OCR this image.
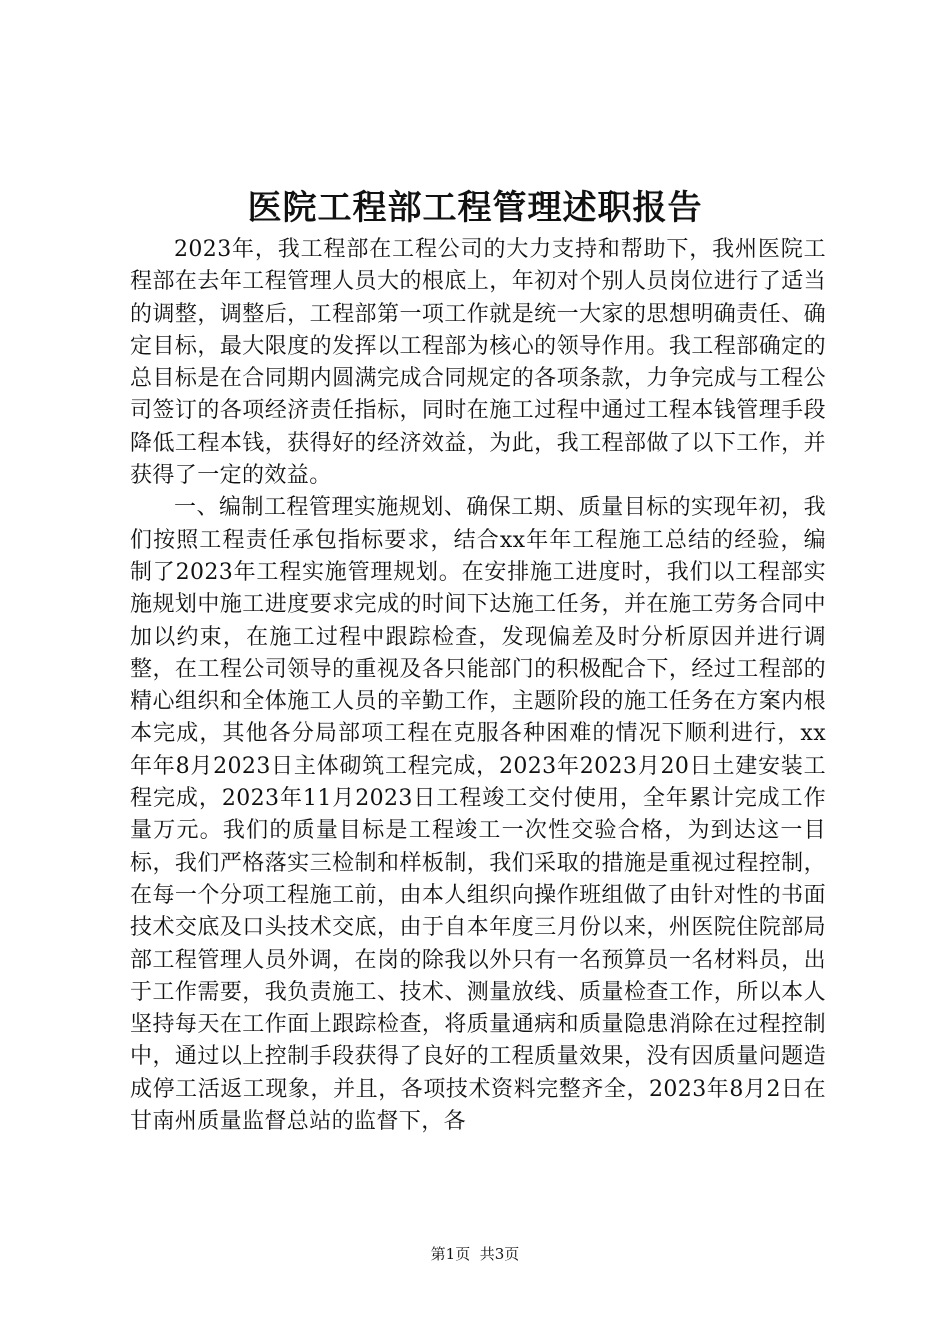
医院工程部工程管理述职报告

2023年，我工程部在工程公司的大力支持和帮助下，我州医院工程部在去年工程管理人员大的根底上，年初对个别人员岗位进行了适当的调整，调整后，工程部第一项工作就是统一大家的思想明确责任、确定目标，最大限度的发挥以工程部为核心的领导作用。我工程部确定的总目标是在合同期内圆满完成合同规定的各项条款，力争完成与工程公司签订的各项经济责任指标，同时在施工过程中通过工程本钱管理手段降低工程本钱，获得好的经济效益，为此，我工程部做了以下工作，并获得了一定的效益。

一、编制工程管理实施规划、确保工期、质量目标的实现年初，我们按照工程责任承包指标要求，结合xx年年工程施工总结的经验，编制了2023年工程实施管理规划。在安排施工进度时，我们以工程部实施规划中施工进度要求完成的时间下达施工任务，并在施工劳务合同中加以约束，在施工过程中跟踪检查，发现偏差及时分析原因并进行调整，在工程公司领导的重视及各只能部门的积极配合下，经过工程部的精心组织和全体施工人员的辛勤工作，主题阶段的施工任务在方案内根本完成，其他各分局部项工程在克服各种困难的情况下顺利进行，xx年年8月2023日主体砌筑工程完成，2023年2023月20日土建安装工程完成，2023年11月2023日工程竣工交付使用，全年累计完成工作量万元。我们的质量目标是工程竣工一次性交验合格，为到达这一目标，我们严格落实三检制和样板制，我们采取的措施是重视过程控制，在每一个分项工程施工前，由本人组织向操作班组做了由针对性的书面技术交底及口头技术交底，由于自本年度三月份以来，州医院住院部局部工程管理人员外调，在岗的除我以外只有一名预算员一名材料员，出于工作需要，我负责施工、技术、测量放线、质量检查工作，所以本人坚持每天在工作面上跟踪检查，将质量通病和质量隐患消除在过程控制中，通过以上控制手段获得了良好的工程质量效果，没有因质量问题造成停工活返工现象，并且，各项技术资料完整齐全，2023年8月2日在甘南州质量监督总站的监督下，各

第1页 共3页
